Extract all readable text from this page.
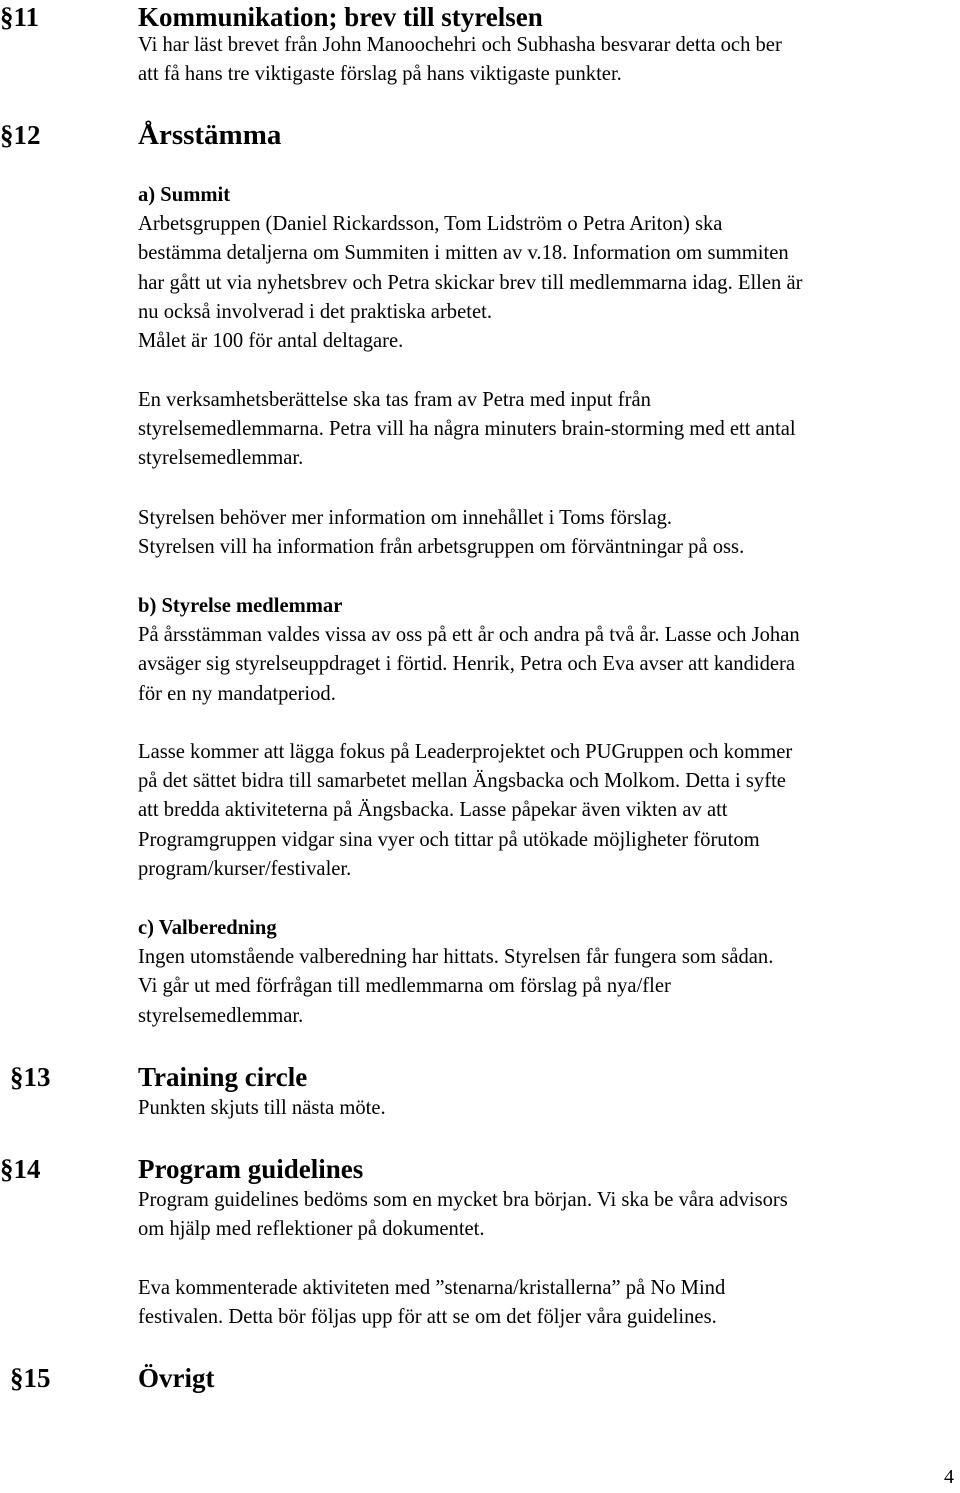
§11	Kommunikation; brev till styrelsen
Vi har läst brevet från John Manoochehri och Subhasha besvarar detta och ber
att få hans tre viktigaste förslag på hans viktigaste punkter.
§12	Årsstämma
a) Summit
Arbetsgruppen (Daniel Rickardsson, Tom Lidström o Petra Ariton) ska
bestämma detaljerna om Summiten i mitten av v.18. Information om summiten
har gått ut via nyhetsbrev och Petra skickar brev till medlemmarna idag. Ellen är
nu också involverad i det praktiska arbetet.
Målet är 100 för antal deltagare.
En verksamhetsberättelse ska tas fram av Petra med input från
styrelsemedlemmarna. Petra vill ha några minuters brain-storming med ett antal
styrelsemedlemmar.
Styrelsen behöver mer information om innehållet i Toms förslag.
Styrelsen vill ha information från arbetsgruppen om förväntningar på oss.
b) Styrelse medlemmar
På årsstämman valdes vissa av oss på ett år och andra på två år. Lasse och Johan
avsäger sig styrelseuppdraget i förtid. Henrik, Petra och Eva avser att kandidera
för en ny mandatperiod.
Lasse kommer att lägga fokus på Leaderprojektet och PUGruppen och kommer
på det sättet bidra till samarbetet mellan Ängsbacka och Molkom. Detta i syfte
att bredda aktiviteterna på Ängsbacka. Lasse påpekar även vikten av att
Programgruppen vidgar sina vyer och tittar på utökade möjligheter förutom
program/kurser/festivaler.
c) Valberedning
Ingen utomstående valberedning har hittats. Styrelsen får fungera som sådan.
Vi går ut med förfrågan till medlemmarna om förslag på nya/fler
styrelsemedlemmar.
§13	Training circle
Punkten skjuts till nästa möte.
§14	Program guidelines
Program guidelines bedöms som en mycket bra början. Vi ska be våra advisors
om hjälp med reflektioner på dokumentet.
Eva kommenterade aktiviteten med ”stenarna/kristallerna” på No Mind
festivalen. Detta bör följas upp för att se om det följer våra guidelines.
§15	Övrigt
4
